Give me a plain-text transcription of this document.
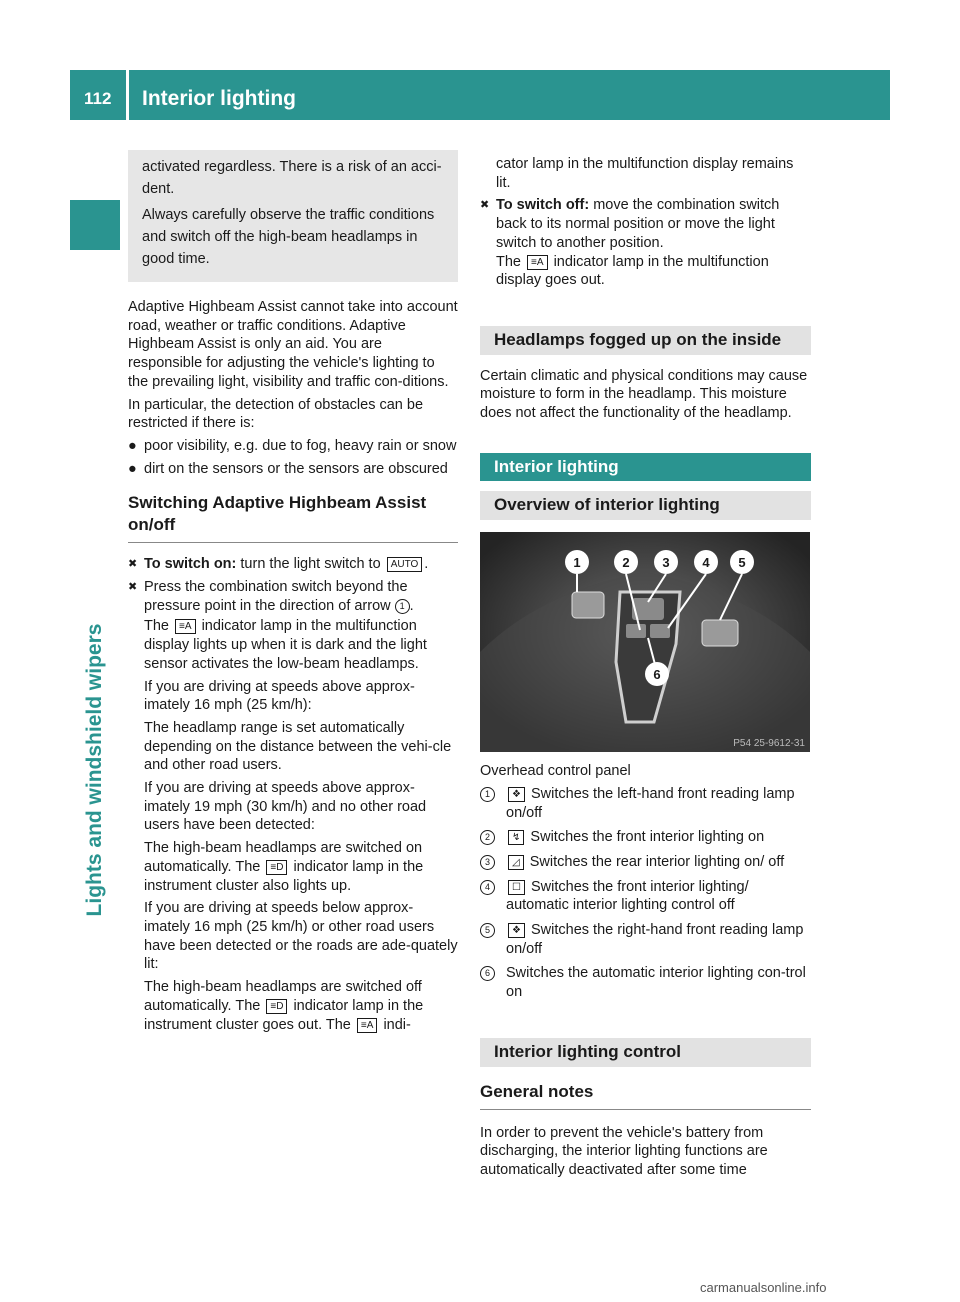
112 Interior lighting
Lights and windshield wipers

activated regardless. There is a risk of an acci-dent.

Always carefully observe the traffic conditions and switch off the high-beam headlamps in good time.

Adaptive Highbeam Assist cannot take into account road, weather or traffic conditions. Adaptive Highbeam Assist is only an aid. You are responsible for adjusting the vehicle's lighting to the prevailing light, visibility and traffic con-ditions.

In particular, the detection of obstacles can be restricted if there is:

● poor visibility, e.g. due to fog, heavy rain or snow
● dirt on the sensors or the sensors are obscured
Switching Adaptive Highbeam Assist on/off
✖ To switch on: turn the light switch to AUTO .
✖ Press the combination switch beyond the pressure point in the direction of arrow 1 .
The ≡A indicator lamp in the multifunction display lights up when it is dark and the light sensor activates the low-beam headlamps.

If you are driving at speeds above approx-imately 16 mph (25 km/h):

The headlamp range is set automatically depending on the distance between the vehi-cle and other road users.

If you are driving at speeds above approx-imately 19 mph (30 km/h) and no other road users have been detected:

The high-beam headlamps are switched on automatically. The ≡D indicator lamp in the instrument cluster also lights up.

If you are driving at speeds below approx-imately 16 mph (25 km/h) or other road users have been detected or the roads are ade-quately lit:

The high-beam headlamps are switched off automatically. The ≡D indicator lamp in the instrument cluster goes out. The ≡A indi-

cator lamp in the multifunction display remains lit.

✖ To switch off: move the combination switch back to its normal position or move the light switch to another position.
The ≡A indicator lamp in the multifunction display goes out.
Headlamps fogged up on the inside

Certain climatic and physical conditions may cause moisture to form in the headlamp. This moisture does not affect the functionality of the headlamp.

Interior lighting
Overview of interior lighting
1	2	3	4 5
6
P54 25-9612-31

Overhead control panel

1	❖ Switches the left-hand front reading lamp on/off
2	↯ Switches the front interior lighting on
3	◿ Switches the rear interior lighting on/ off
4	☐ Switches the front interior lighting/ automatic interior lighting control off
5	❖ Switches the right-hand front reading lamp on/off
6	Switches the automatic interior lighting con-trol on
Interior lighting control
General notes

In order to prevent the vehicle's battery from discharging, the interior lighting functions are automatically deactivated after some time

carmanualsonline.info
